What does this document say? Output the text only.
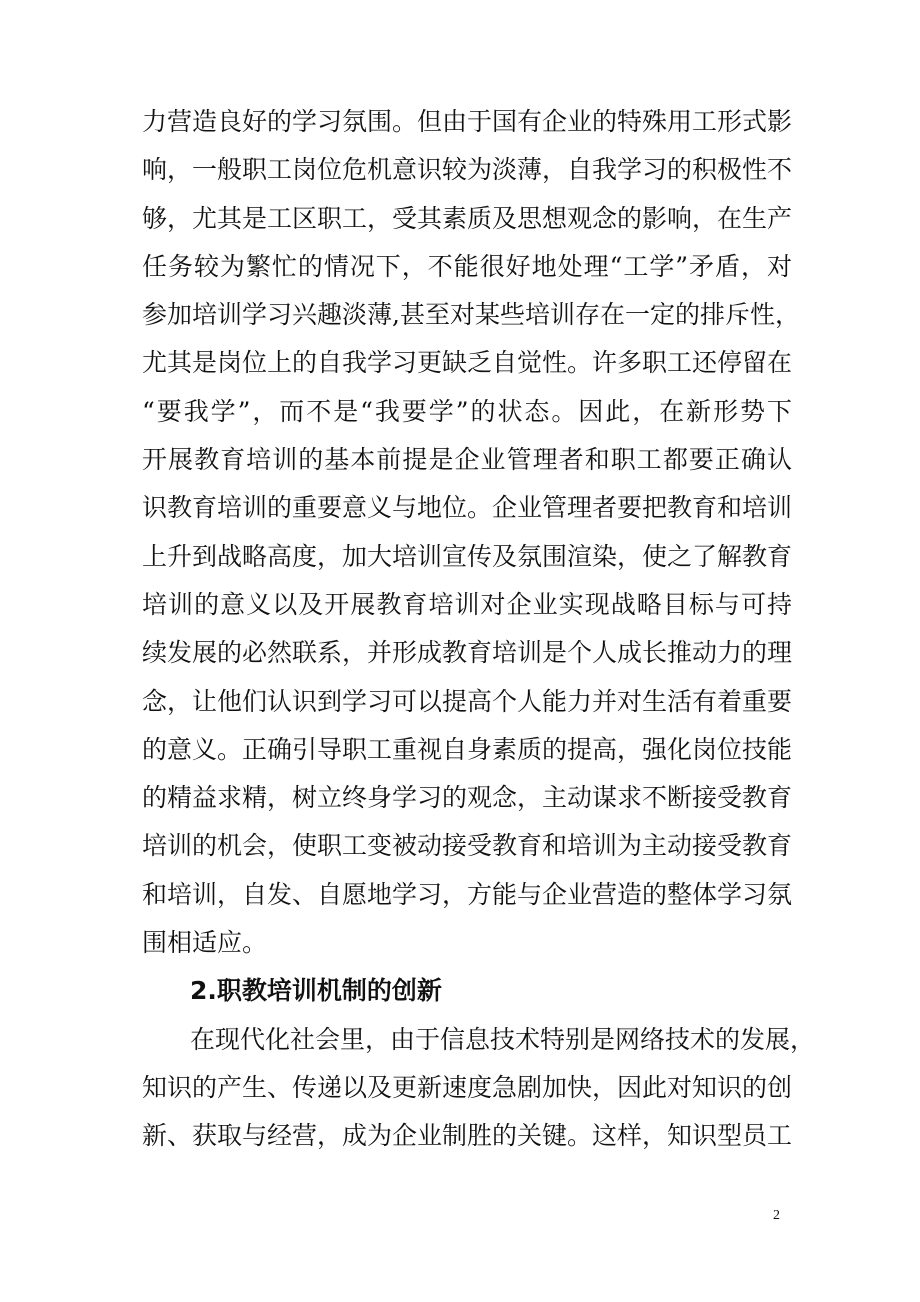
力营造良好的学习氛围。但由于国有企业的特殊用工形式影
响，一般职工岗位危机意识较为淡薄，自我学习的积极性不
够，尤其是工区职工，受其素质及思想观念的影响，在生产
任务较为繁忙的情况下，不能很好地处理“工学”矛盾，对
参加培训学习兴趣淡薄,甚至对某些培训存在一定的排斥性，
尤其是岗位上的自我学习更缺乏自觉性。许多职工还停留在
“要我学”，而不是“我要学”的状态。因此，在新形势下
开展教育培训的基本前提是企业管理者和职工都要正确认
识教育培训的重要意义与地位。企业管理者要把教育和培训
上升到战略高度，加大培训宣传及氛围渲染，使之了解教育
培训的意义以及开展教育培训对企业实现战略目标与可持
续发展的必然联系，并形成教育培训是个人成长推动力的理
念，让他们认识到学习可以提高个人能力并对生活有着重要
的意义。正确引导职工重视自身素质的提高，强化岗位技能
的精益求精，树立终身学习的观念，主动谋求不断接受教育
培训的机会，使职工变被动接受教育和培训为主动接受教育
和培训，自发、自愿地学习，方能与企业营造的整体学习氛
围相适应。
2.职教培训机制的创新
在现代化社会里，由于信息技术特别是网络技术的发展，
知识的产生、传递以及更新速度急剧加快，因此对知识的创
新、获取与经营，成为企业制胜的关键。这样，知识型员工
2
